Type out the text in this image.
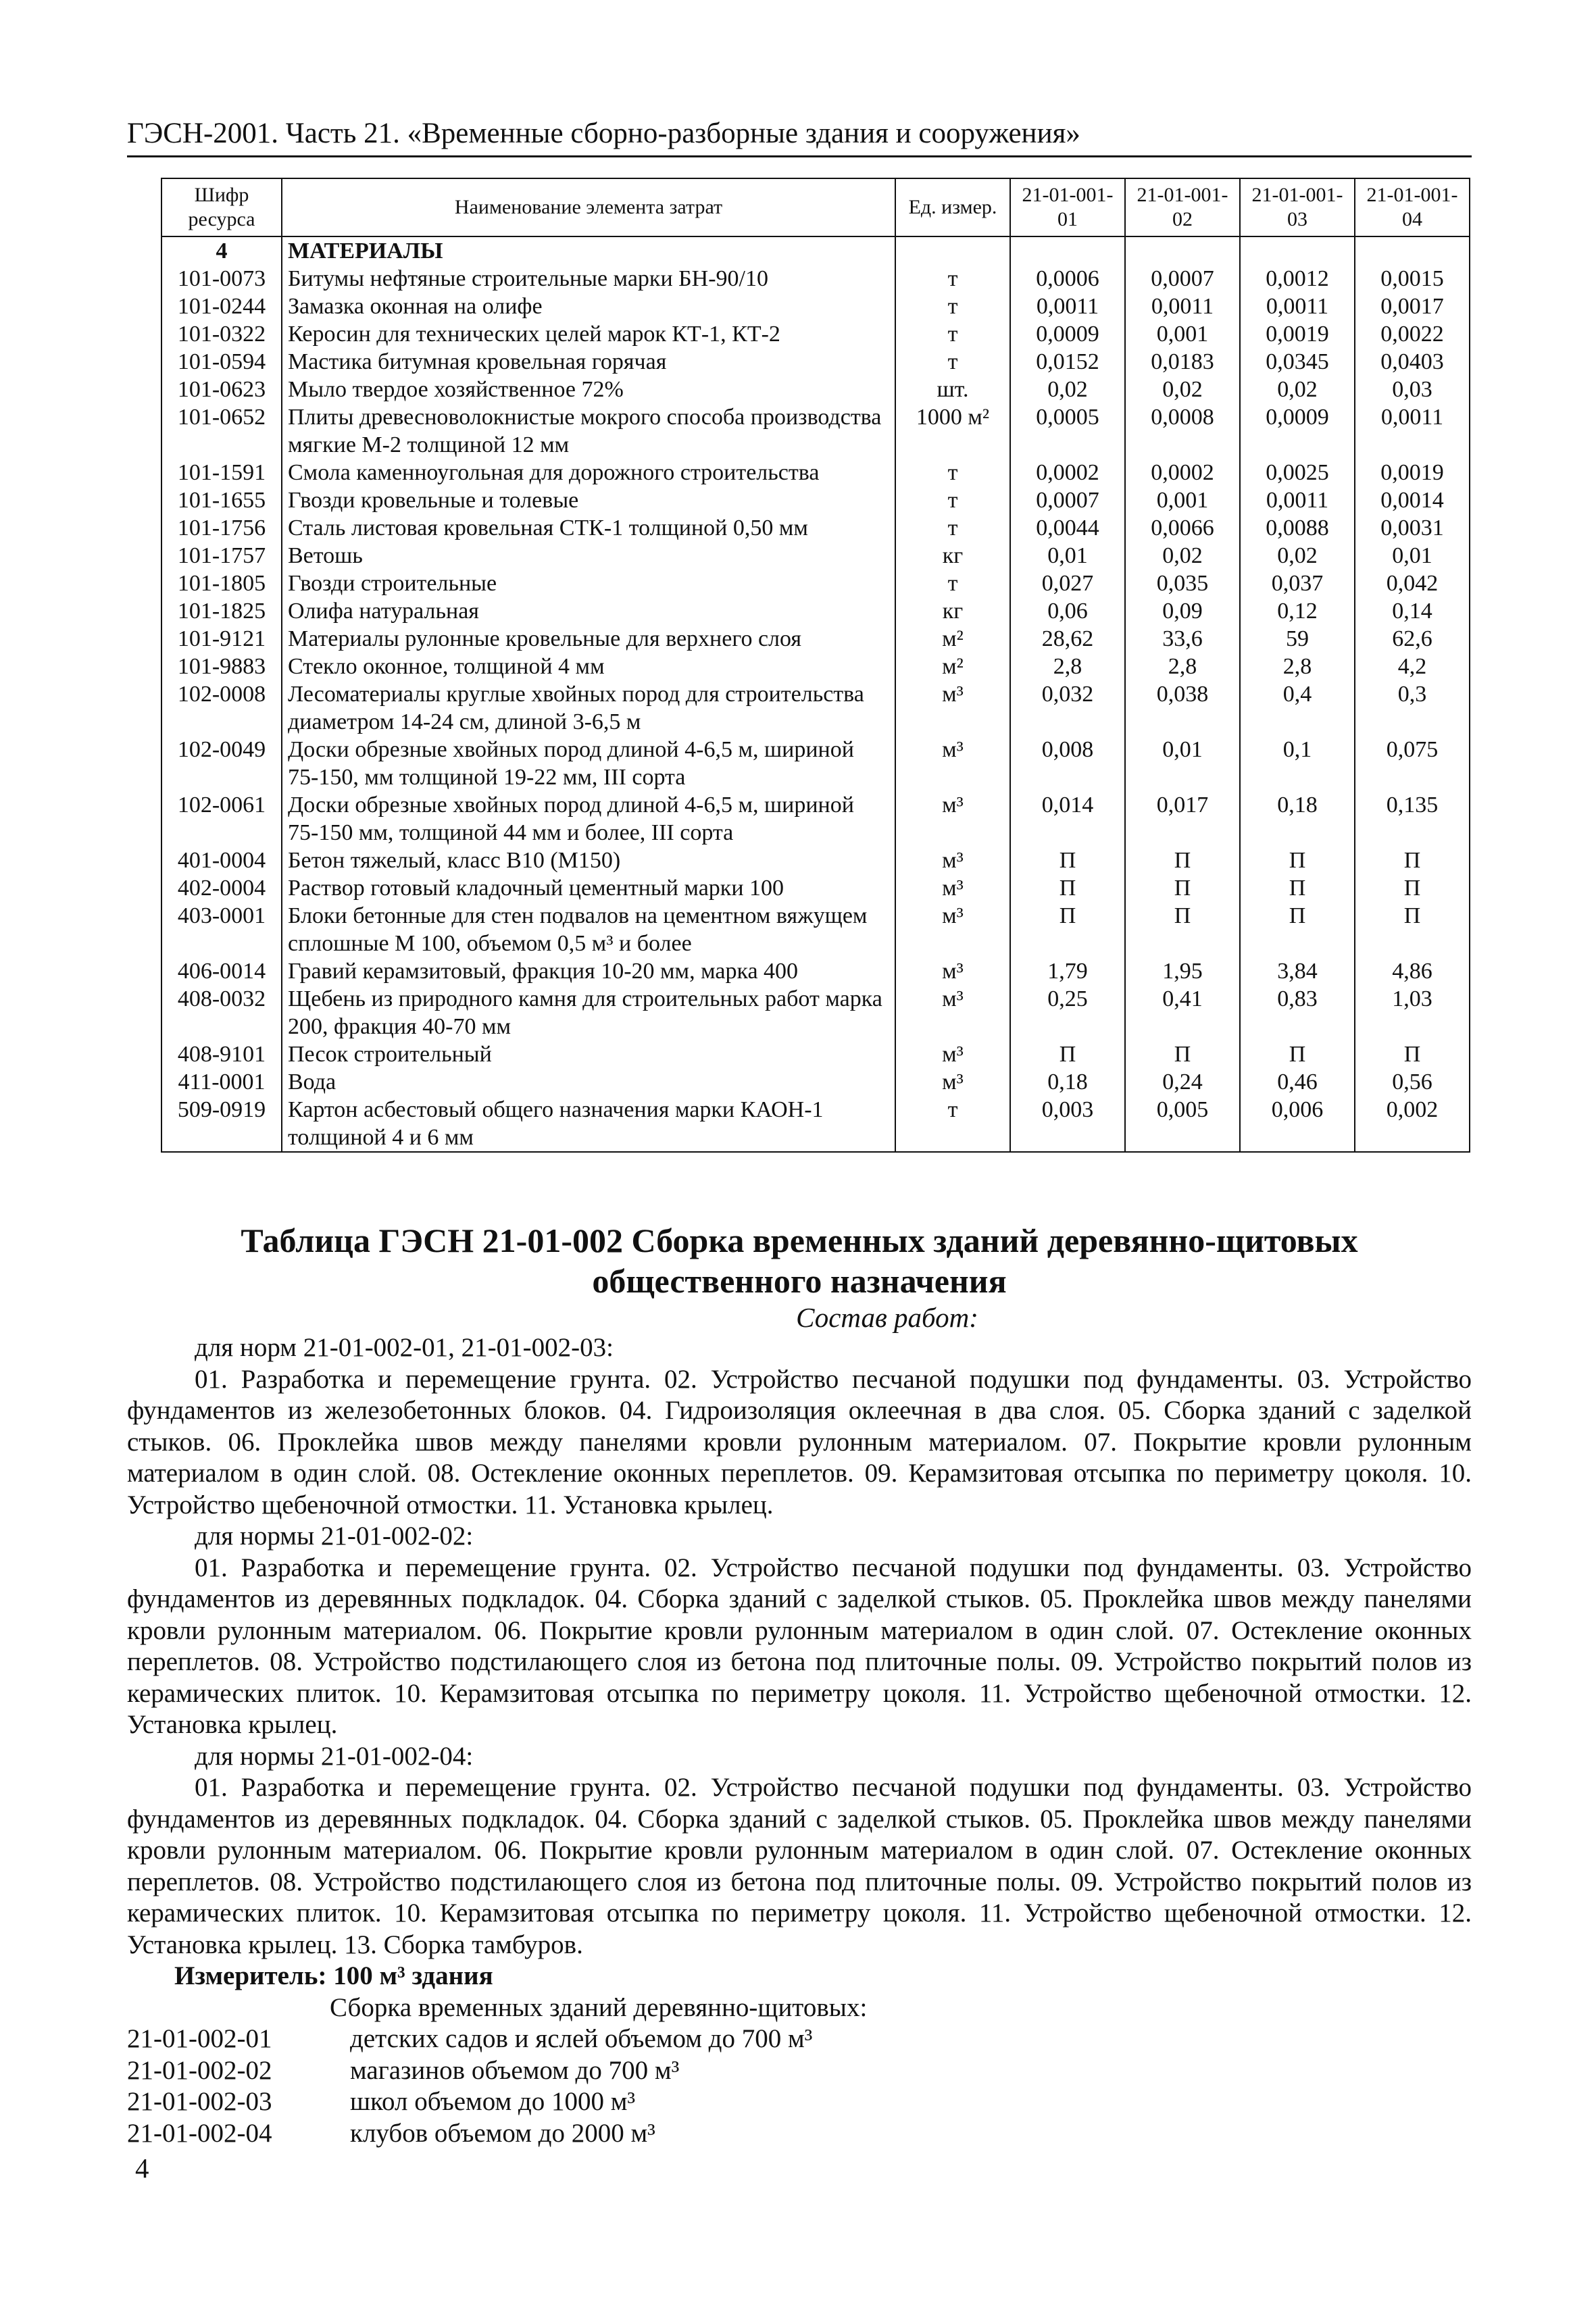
ГЭСН-2001. Часть 21. «Временные сборно-разборные здания и сооружения»
Шифр ресурса	Наименование элемента затрат	Ед. измер.	21-01-001-01	21-01-001-02	21-01-001-03	21-01-001-04
4	МАТЕРИАЛЫ					
101-0073	Битумы нефтяные строительные марки БН-90/10	т	0,0006	0,0007	0,0012	0,0015
101-0244	Замазка оконная на олифе	т	0,0011	0,0011	0,0011	0,0017
101-0322	Керосин для технических целей марок КТ-1, КТ-2	т	0,0009	0,001	0,0019	0,0022
101-0594	Мастика битумная кровельная горячая	т	0,0152	0,0183	0,0345	0,0403
101-0623	Мыло твердое хозяйственное 72%	шт.	0,02	0,02	0,02	0,03
101-0652	Плиты древесноволокнистые мокрого способа производства мягкие М-2 толщиной 12 мм	1000 м²	0,0005	0,0008	0,0009	0,0011
101-1591	Смола каменноугольная для дорожного строительства	т	0,0002	0,0002	0,0025	0,0019
101-1655	Гвозди кровельные и толевые	т	0,0007	0,001	0,0011	0,0014
101-1756	Сталь листовая кровельная СТК-1 толщиной 0,50 мм	т	0,0044	0,0066	0,0088	0,0031
101-1757	Ветошь	кг	0,01	0,02	0,02	0,01
101-1805	Гвозди строительные	т	0,027	0,035	0,037	0,042
101-1825	Олифа натуральная	кг	0,06	0,09	0,12	0,14
101-9121	Материалы рулонные кровельные для верхнего слоя	м²	28,62	33,6	59	62,6
101-9883	Стекло оконное, толщиной 4 мм	м²	2,8	2,8	2,8	4,2
102-0008	Лесоматериалы круглые хвойных пород для строительства диаметром 14-24 см, длиной 3-6,5 м	м³	0,032	0,038	0,4	0,3
102-0049	Доски обрезные хвойных пород длиной 4-6,5 м, шириной 75-150, мм толщиной 19-22 мм, III сорта	м³	0,008	0,01	0,1	0,075
102-0061	Доски обрезные хвойных пород длиной 4-6,5 м, шириной 75-150 мм, толщиной 44 мм и более, III сорта	м³	0,014	0,017	0,18	0,135
401-0004	Бетон тяжелый, класс В10 (М150)	м³	П	П	П	П
402-0004	Раствор готовый кладочный цементный марки 100	м³	П	П	П	П
403-0001	Блоки бетонные для стен подвалов на цементном вяжущем сплошные М 100, объемом 0,5 м³ и более	м³	П	П	П	П
406-0014	Гравий керамзитовый, фракция 10-20 мм, марка 400	м³	1,79	1,95	3,84	4,86
408-0032	Щебень из природного камня для строительных работ марка 200, фракция 40-70 мм	м³	0,25	0,41	0,83	1,03
408-9101	Песок строительный	м³	П	П	П	П
411-0001	Вода	м³	0,18	0,24	0,46	0,56
509-0919	Картон асбестовый общего назначения марки КАОН-1 толщиной 4 и 6 мм	т	0,003	0,005	0,006	0,002
Таблица ГЭСН 21-01-002 Сборка временных зданий деревянно-щитовых
общественного назначения
Состав работ:

для норм 21-01-002-01, 21-01-002-03:

01. Разработка и перемещение грунта. 02. Устройство песчаной подушки под фундаменты. 03. Устройство фундаментов из железобетонных блоков. 04. Гидроизоляция оклеечная в два слоя. 05. Сборка зданий с заделкой стыков. 06. Проклейка швов между панелями кровли рулонным материалом. 07. Покрытие кровли рулонным материалом в один слой. 08. Остекление оконных переплетов. 09. Керамзитовая отсыпка по периметру цоколя. 10. Устройство щебеночной отмостки. 11. Установка крылец.

для нормы 21-01-002-02:

01. Разработка и перемещение грунта. 02. Устройство песчаной подушки под фундаменты. 03. Устройство фундаментов из деревянных подкладок. 04. Сборка зданий с заделкой стыков. 05. Проклейка швов между панелями кровли рулонным материалом. 06. Покрытие кровли рулонным материалом в один слой. 07. Остекление оконных переплетов. 08. Устройство подстилающего слоя из бетона под плиточные полы. 09. Устройство покрытий полов из керамических плиток. 10. Керамзитовая отсыпка по периметру цоколя. 11. Устройство щебеночной отмостки. 12. Установка крылец.

для нормы 21-01-002-04:

01. Разработка и перемещение грунта. 02. Устройство песчаной подушки под фундаменты. 03. Устройство фундаментов из деревянных подкладок. 04. Сборка зданий с заделкой стыков. 05. Проклейка швов между панелями кровли рулонным материалом. 06. Покрытие кровли рулонным материалом в один слой. 07. Остекление оконных переплетов. 08. Устройство подстилающего слоя из бетона под плиточные полы. 09. Устройство покрытий полов из керамических плиток. 10. Керамзитовая отсыпка по периметру цоколя. 11. Устройство щебеночной отмостки. 12. Установка крылец. 13. Сборка тамбуров.

Измеритель: 100 м³ здания

Сборка временных зданий деревянно-щитовых:

21-01-002-01	детских садов и яслей объемом до 700 м³
21-01-002-02	магазинов объемом до 700 м³
21-01-002-03	школ объемом до 1000 м³
21-01-002-04	клубов объемом до 2000 м³
4
